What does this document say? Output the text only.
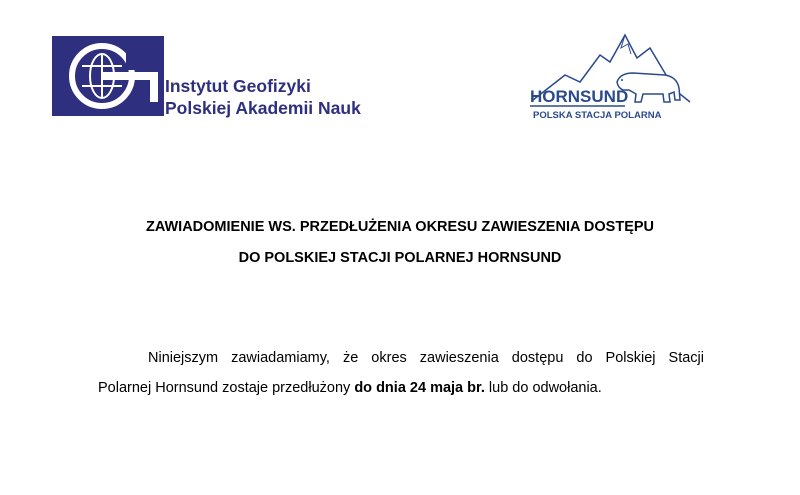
Instytut Geofizyki
Polskiej Akademii Nauk
HORNSUND
POLSKA STACJA POLARNA
ZAWIADOMIENIE WS. PRZEDŁUŻENIA OKRESU ZAWIESZENIA DOSTĘPU
DO POLSKIEJ STACJI POLARNEJ HORNSUND
Niniejszym zawiadamiamy, że okres zawieszenia dostępu do Polskiej Stacji
Polarnej Hornsund zostaje przedłużony do dnia 24 maja br. lub do odwołania.
